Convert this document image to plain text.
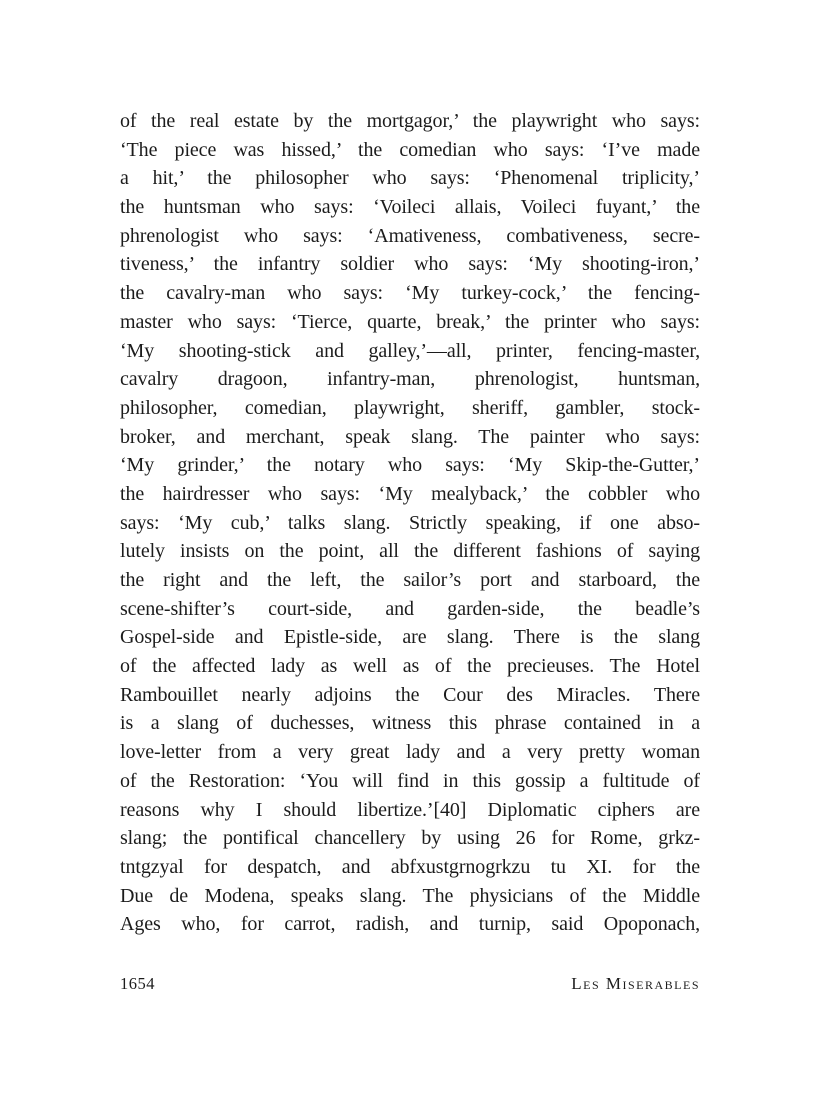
of the real estate by the mortgagor,’ the playwright who says:
‘The piece was hissed,’ the comedian who says: ‘I’ve made
a hit,’ the philosopher who says: ‘Phenomenal triplicity,’
the huntsman who says: ‘Voileci allais, Voileci fuyant,’ the
phrenologist who says: ‘Amativeness, combativeness, secre-
tiveness,’ the infantry soldier who says: ‘My shooting-iron,’
the cavalry-man who says: ‘My turkey-cock,’ the fencing-
master who says: ‘Tierce, quarte, break,’ the printer who says:
‘My shooting-stick and galley,’—all, printer, fencing-master,
cavalry dragoon, infantry-man, phrenologist, huntsman,
philosopher, comedian, playwright, sheriff, gambler, stock-
broker, and merchant, speak slang. The painter who says:
‘My grinder,’ the notary who says: ‘My Skip-the-Gutter,’
the hairdresser who says: ‘My mealyback,’ the cobbler who
says: ‘My cub,’ talks slang. Strictly speaking, if one abso-
lutely insists on the point, all the different fashions of saying
the right and the left, the sailor’s port and starboard, the
scene-shifter’s court-side, and garden-side, the beadle’s
Gospel-side and Epistle-side, are slang. There is the slang
of the affected lady as well as of the precieuses. The Hotel
Rambouillet nearly adjoins the Cour des Miracles. There
is a slang of duchesses, witness this phrase contained in a
love-letter from a very great lady and a very pretty woman
of the Restoration: ‘You will find in this gossip a fultitude of
reasons why I should libertize.’[40] Diplomatic ciphers are
slang; the pontifical chancellery by using 26 for Rome, grkz-
tntgzyal for despatch, and abfxustgrnogrkzu tu XI. for the
Due de Modena, speaks slang. The physicians of the Middle
Ages who, for carrot, radish, and turnip, said Opoponach,
1654	Les Miserables
